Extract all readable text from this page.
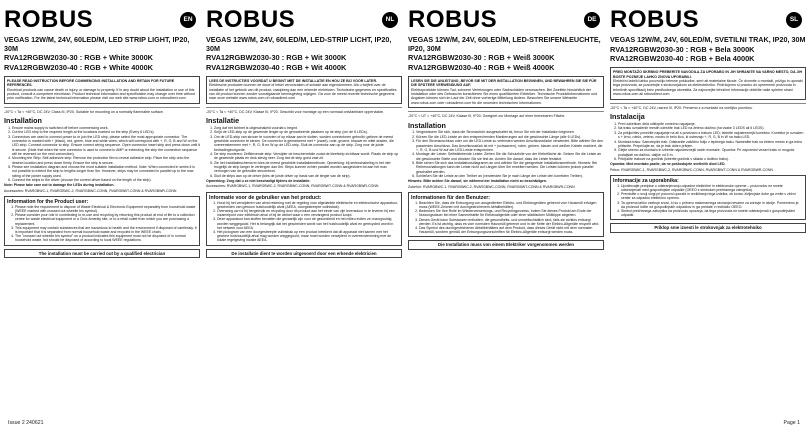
ROBUS	EN
VEGAS 12W/M, 24V, 60LED/M, LED STRIP LIGHT, IP20, 30M
RVA12RGBW2030-30 : RGB + White 3000K
RVA12RGBW2030-40 : RGB + White 4000K
PLEASE READ INSTRUCTION BEFORE COMMENCING INSTALLATION AND RETAIN FOR FUTURE REFERENCES.
Electrical products can cause death or injury, or damage to property. If in any doubt about the installation or use of this product, consult a competent electrician. Product technical information and specification may change over time without prior notification. For the latest technical information please visit our web site www.robus.com or robusdirect.com
-20°C < Ta < +40°C, DC 24V, Class III, IP20. Suitable for mounting on a normally flammable surface.
Installation
1. Ensure mains supply is switched off before commencing work.
2. Cut the LED strip to the required length at the locations marked on the strip (Every 6 LED's).
3. Connectors are used to connect power to or join the LED strip, please select the most appropriate connector. The connector is marked with + (black), red, green, blue and white wires, which will correspond with +, R, G, B and W on the LED strip. Connect connector to strip. Ensure correct wiring sequence. Open connector insert strip and press down until it is secure. (Note that when the wire connector is used to connect to AMP or extending the strip the connection sequence will be reversed on the next connection).
4. Mounting the Strip: Self-adhesive strip: Remove the protective film to reveal adhesive strip. Place the strip onto the desired location and press down firmly. Ensure the strip is secure.
5. Please see installation diagram and choose the most suitable installation method. Note: When connected in series it is not possible to extend the strip to lengths longer than 5m. However, strips may be connected in parallel up to the max rating of the power supply used.
6. Connect the strips to the driver (choose the correct driver based on the length of the strip).

Note: Please take care not to damage the LEDs during installation.

Accessories: RVARGBWC-1, RVARGBWC-2, RVARGBWC-CONN, RVARGBWT-CONN & RVARGBWR-CONN

Information for the Product user:
1. Please note the requirement to dispose of Waste Electrical & Electronic Equipment separately from household waste (WEEE marked with crossed out wheelie bin symbol).
2. Please consider your role in contributing to re-use and recycling by returning this product at end of life to a collection centre for waste electrical equipment or a Civic Amenity site, or to a retail outlet from which you are purchasing a replacement.
3. This equipment may contain substances that are hazardous to health and the environment if disposed of carelessly. It is important that it is separated from normal household waste and recycled in the WEEE chain.
4. The "crossed out wheelie bin symbol" on a product indicates this equipment must not be disposed of in normal household waste, but should be disposed of according to local WEEE regulations.
The installation must be carried out by a qualified electrician
ROBUS	NL
VEGAS 12W/M, 24V, 60LED/M, LED-STRIP LICHT, IP20, 30M
RVA12RGBW2030-30 : RGB + Wit 3000K
RVA12RGBW2030-40 : RGB + Wit 4000K
LEES DE INSTRUCTIES VOORDAT U BEGINT MET DE INSTALLATIE EN HOU ZE BIJ VOOR LATER.
Elektrische producten kunnen de dood of letsel veroorzaken of schade aan eigendommen. Als u twijfelt over de installatie of het gebruik van dit product, raadpleeg dan een erkende elektricien. Technische gegevens en specificaties van dit product kunnen zonder voorafgaande kennisgeving wijzigen. Ga voor de meest recente technische gegevens naar onze website www.robus.com of robusdirect.com
-20°C < Ta < +40°C, DC 24V, Klasse III, IP20. Geschikt voor montage op een normaal ontvlambare oppervlakte.
Installatie
1. Zorg dat het lichtnet is uitgeschakeld voordat u begint.
2. Snijd de LED-strip op de gewenste lengte op de gemarkeerde plaatsen op de strip (om de 6 LEDs).
3. Om de LED-strip van stroom te voorzien of op elkaar aan te sluiten, worden connectoren gebruikt; gelieve de meest geschikte connector te kiezen. De connector is gemarkeerd met + (zwart), rode, groene, blauwe en witte draden, die overeenstemmen met +, R, G, B en W op de LED-strip. Sluit de connector aan op de strip. Zorg voor de juiste bedradingsvolgorde.
4. De strip monteren: Zelfklevende strip: Verwijder de beschermfolie zodat de kleefstrip zichtbaar wordt. Plaats de strip op de gewenste plaats en druk stevig neer. Zorg dat de strip goed vast zit.
5. Zie het installatieschema en kies de meest geschikte installatiemethode. Opmerking: bij serieschakeling is het niet mogelijk de strip langer te verlengen dan 5m. Strips kunnen echter parallel worden aangesloten tot aan het max vermogen van de gebruikte stroombron.
6. Sluit de strips aan op de driver (kies de juiste driver op basis van de lengte van de strip).

Opmerking: Zorg dat u ze niet beschadigt tijdens de installatie.

Accessoires: RVARGBWC-1, RVARGBWC-2, RVARGBWC-CONN, RVARGBWT-CONN & RVARGBWR-CONN

Informatie voor de gebruiker van het product:
1. Houd bij het verwijderen van afval rekening met de regeling voor afgedankte elektrische en elektronische apparatuur, gescheiden van gewoon huishoudelijk afval (AEEA, doorgestreepte vuilnisbak).
2. Overweeg uw rol bij hergebruik en recycling door dit product aan het einde van zijn levensduur in te leveren bij een inzamelpunt voor elektrisch afval of bij de winkel waar u een vervangend product koopt.
3. Deze apparatuur kan stoffen bevatten die gevaarlijk zijn voor de gezondheid en het milieu indien ze onzorgvuldig worden weggegooid. Het is belangrijk dat het gescheiden wordt van het huishoudelijk afval en gerecycled wordt in het netwerk voor AEEA.
4. Het pictogram van een doorgestreepte vuilnisbak op een product betekent dat dit apparaat niet samen met het gewone huishoudelijk afval mag worden weggegooid, maar moet worden verwijderd in overeenstemming met de lokale regelgeving inzake AEEA.
De installatie dient te worden uitgevoerd door een erkende elektricien
ROBUS	DE
VEGAS 12W/M, 24V, 60LED/M, LED-STREIFENLEUCHTE, IP20, 30M
RVA12RGBW2030-30 : RGB + Weiß 3000K
RVA12RGBW2030-40 : RGB + Weiß 4000K
LESEN SIE DIE ANLEITUNG, BEVOR SIE MIT DER INSTALLATION BEGINNEN, UND BEWAHREN SIE SIE FÜR DIE SPÄTERE VERWENDUNG AUF.
Elektroprodukte können Tod, schwere Verletzungen oder Sachschäden verursachen. Bei Zweifeln hinsichtlich der Installation oder des Gebrauchs konsultieren Sie einen qualifizierten Elektriker. Technische Produktinformationen und Angaben können sich im Lauf der Zeit ohne vorherige Mitteilung ändern. Besuchen Sie unsere Webseite www.robus.com oder robusdirect.com für die neuesten technischen Informationen.
-20°C < UT < +40°C, DC 24V, Klasse III, IP20. Geeignet zur Montage auf einer brennbaren Fläche.
Installation
1. Vergewissern Sie sich, dass die Stromzufuhr ausgeschaltet ist, bevor Sie mit der Installation beginnen.
2. Kürzen Sie die LED-Leiste an den entsprechenden Markierungen auf die gewünschte Länge (alle 6 LEDs).
3. Für den Stromanschluss oder um die LED-Leiste zu verbinden werden Anschlussstücke verwendet. Bitte wählen Sie den passenden Anschluss. Das Anschlussstück ist mit + (schwarzen), roten, grünen, blauen und weißen Kabeln markiert, die +, R, G, B und W auf der LED-Leiste entsprechen.
4. Montage der Leiste: Selbstklebende Leiste: Ziehen Sie die Schutzfolie von der Klebefläche ab. Setzen Sie die Leiste an die gewünschte Stelle und drücken Sie sie fest an. Achten Sie darauf, dass die Leiste festsitzt.
5. Bitte sehen Sie sich das Installationsdiagramm an und wählen Sie die geeignetste Installationsmethode. Hinweis: Bei Reihenschaltungen kann die Leiste nicht auf Längen über 5m erweitert werden. Die Leisten können jedoch parallel geschaltet werden.
6. Schließen Sie die Leiste an den Treiber an (verwenden Sie je nach Länge der Leiste den korrekten Treiber).

Hinweis: Bitte achten Sie darauf, sie während der Installation nicht zu beschädigen.

Zubehör: RVARGBWC-1, RVARGBWC-2, RVARGBWC-CONN, RVARGBWT-CONN & RVARGBWR-CONN

Informationen für den Benutzer:
1. Beachten Sie, dass die Entsorgung von ausgedienten Elektro- und Elektrogeräten getrennt vom Hausmüll erfolgen muss (WEEE-Zeichen mit durchgestrichenem Abfallbehälter).
2. Bedenken Sie Ihre Rolle im Wiederverwertungs- und Recyclingprozess, indem Sie dieses Produkt am Ende der Nutzungsdauer bei einer Sammelstelle für Elektroaltgeräte oder einer städtischen Müllkippe abgeben.
3. Dieses Gerät kann Substanzen enthalten, die gesundheits- und umweltschädlich sind, falls sie achtlos entsorgt werden. Es ist wichtig, dass es vom normalen Hausmüll getrennt und in der Kette der Elektro-Altgeräte recycelt wird.
4. Das Symbol des durchgestrichenen Abfallbehälters auf dem Produkt, dass dieses Gerät nicht mit dem normalen Hausmüll, sondern gemäß der Entsorgungsvorschriften für Elektro-Altgeräte entsorgt werden muss.
Die Installation muss von einem Elektriker vorgenommen werden
ROBUS	SL
VEGAS 12W/M, 24V, 60LED/M, SVETILNI TRAK, IP20, 30M
RVA12RGBW2030-30 : RGB + Bela 3000K
RVA12RGBW2030-40 : RGB + Bela 4000K
PRED MONTAŽO SKRBNO PREBERITE NAVODILA ZA UPORABO IN JIH SHRANITE NA VARNO MESTO, DA JIH BOSTE POZNEJE LAHKO ZNOVA UPORABILI.
Električni izdelki lahko povzročijo telesne poškodbe, smrt ali materialne škode. Če dvomite o montaži, prižigu in uporabi tega proizvoda, se posvetujte s strokovnjakom za elektrotehniko. Pridržujemo si pravico do sprememb proizvoda in tehničnih specifikacij brez predhodnega obvestila. Za najnovejše tehnične informacije obiščite naše spletne strani www.robus.com ali robusdirect.com
-20°C < Ta < +40°C, DC 24V, razred III, IP20. Primerno z a montažo na vnetljivo površino.
Instalacija
1. Pred začetkom dela odklopite omrežno napajanje.
2. Na traku označenih mestih odrežite trak LED na želeno dolžino (na vsake 3 LEDS ali 6 LEDS).
3. Za priključitev povežite napajanje na ali s povezavo s trakom LED; izberite najustreznejši konektor. Konektor je označen s + črno, rdečo, zeleno, modro in belo žico, ki ustrezajo +, R, G, B in W na traku LED.
4. Montaža traku: Samolepilni trak: Odstranite zaščitno folijo z lepilnega traku. Namestite trak na želeno mesto in ga trdno pritisnite. Prepričajte se, da je trak dobro pritrjen.
5. Glejte shemo za montažo in izberite najustreznejši način montaže. Opomba: Pri zaporedni vezavi traku ni mogoče podaljšati na dolžino, daljše od 5 m.
6. Priključite trakove na gonilnik (izberite gonilnik v skladu z dolžino traku).

Opomba: Med montažo pazite, da ne poškodujete svetlečih diod LED.

Pribor: RVARGBWC-1, RVARGBWC-2, RVARGBWC-CONN, RVARGBWT-CONN & RVARGBWR-CONN

Informacije za uporabnika:
1. Upoštevajte predpise o odstranjevanju odpadne električne in elektronske opreme – proizvodov ne smete odstranjevati med gospodinjske odpadke (OEEO s simbolom prečrtanega zabojnika).
2. Premislite o svoji vlogi pri ponovni uporabi in recikliranju tega izdelka; ob koncu življenjske dobe ga vrnite v zbirni center za odpadno električno opremo.
3. Ta oprema lahko vsebuje snovi, ki so v primeru malomarnega ravnanja nevarne za zdravje in okolje. Pomembno je, da proizvod ločite od gospodinjskih odpadkov in ga predate v reciklažo OEEO.
4. Simbol prečrtanega zabojnika na proizvodu opozarja, da tega proizvoda ne smete odstranjevati z gospodinjskimi odpadki.
Priklop sme izvesti le strokovnjak za elektrotehniko
Issue 2 240621	Page 1
